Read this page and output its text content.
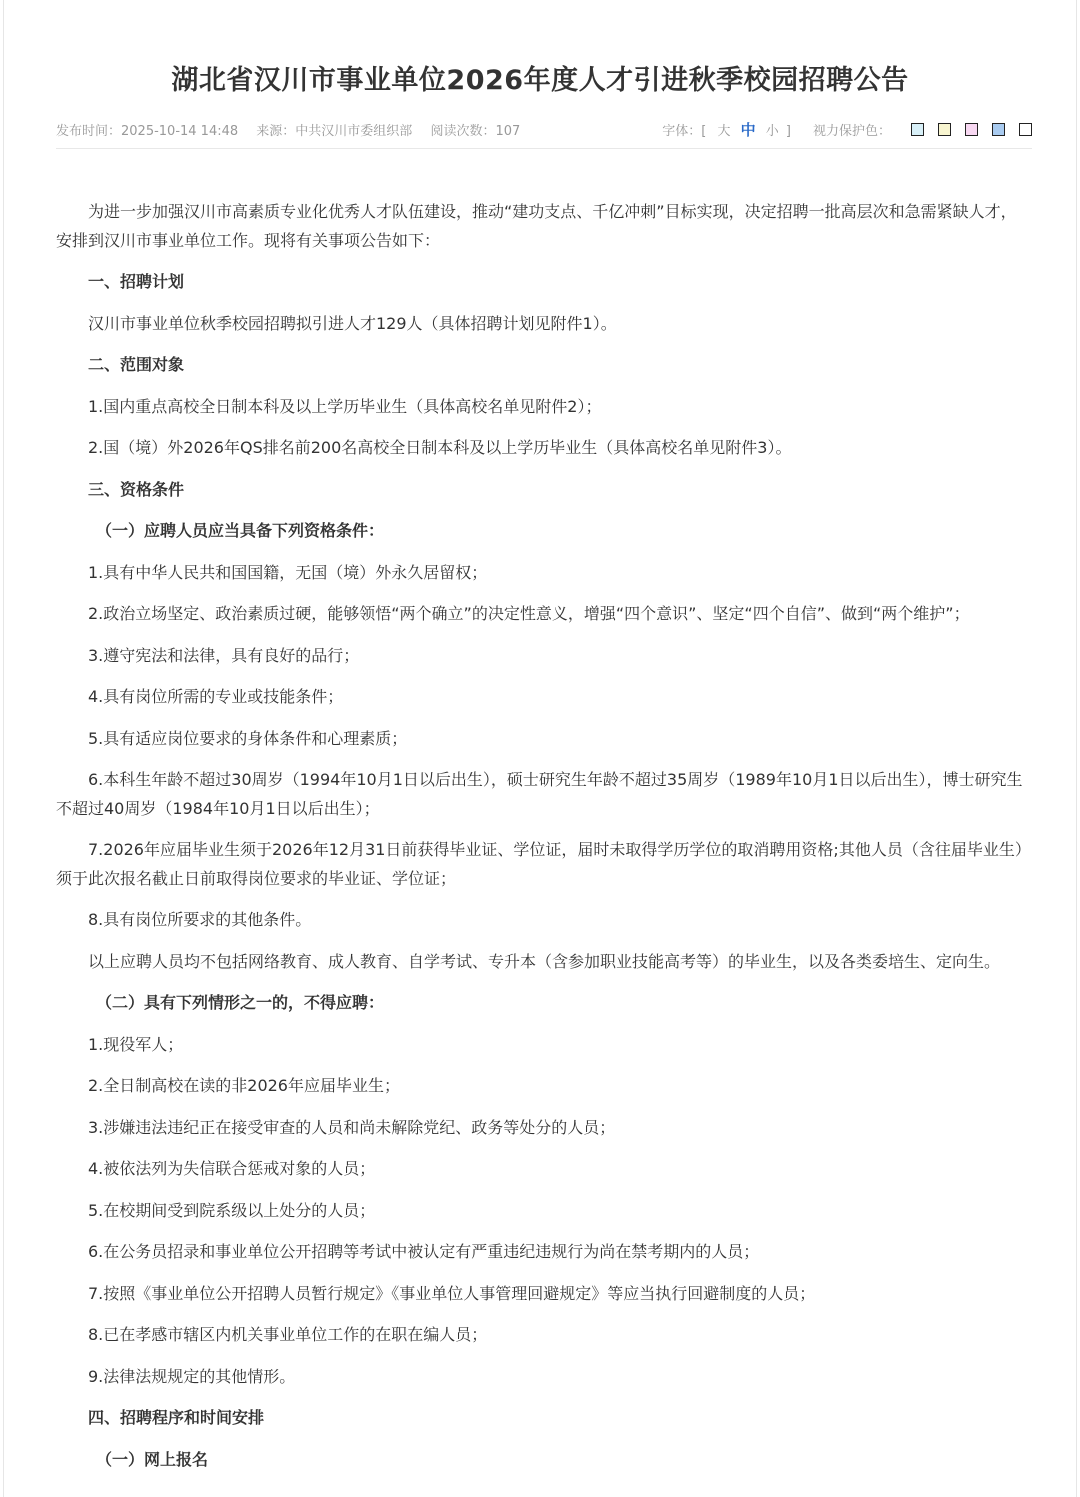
湖北省汉川市事业单位2026年度人才引进秋季校园招聘公告
发布时间：2025-10-14 14:48 来源：中共汉川市委组织部 阅读次数：107	字体：[ 大 中 小 ] 视力保护色：

为进一步加强汉川市高素质专业化优秀人才队伍建设，推动“建功支点、千亿冲刺”目标实现，决定招聘一批高层次和急需紧缺人才，安排到汉川市事业单位工作。现将有关事项公告如下：

一、招聘计划

汉川市事业单位秋季校园招聘拟引进人才129人（具体招聘计划见附件1）。

二、范围对象

1.国内重点高校全日制本科及以上学历毕业生（具体高校名单见附件2）；

2.国（境）外2026年QS排名前200名高校全日制本科及以上学历毕业生（具体高校名单见附件3）。

三、资格条件

（一）应聘人员应当具备下列资格条件：

1.具有中华人民共和国国籍，无国（境）外永久居留权；

2.政治立场坚定、政治素质过硬，能够领悟“两个确立”的决定性意义，增强“四个意识”、坚定“四个自信”、做到“两个维护”；

3.遵守宪法和法律，具有良好的品行；

4.具有岗位所需的专业或技能条件；

5.具有适应岗位要求的身体条件和心理素质；

6.本科生年龄不超过30周岁（1994年10月1日以后出生），硕士研究生年龄不超过35周岁（1989年10月1日以后出生），博士研究生不超过40周岁（1984年10月1日以后出生）；

7.2026年应届毕业生须于2026年12月31日前获得毕业证、学位证，届时未取得学历学位的取消聘用资格;其他人员（含往届毕业生）须于此次报名截止日前取得岗位要求的毕业证、学位证；

8.具有岗位所要求的其他条件。

以上应聘人员均不包括网络教育、成人教育、自学考试、专升本（含参加职业技能高考等）的毕业生，以及各类委培生、定向生。

（二）具有下列情形之一的，不得应聘：

1.现役军人；

2.全日制高校在读的非2026年应届毕业生；

3.涉嫌违法违纪正在接受审查的人员和尚未解除党纪、政务等处分的人员；

4.被依法列为失信联合惩戒对象的人员；

5.在校期间受到院系级以上处分的人员；

6.在公务员招录和事业单位公开招聘等考试中被认定有严重违纪违规行为尚在禁考期内的人员；

7.按照《事业单位公开招聘人员暂行规定》《事业单位人事管理回避规定》等应当执行回避制度的人员；

8.已在孝感市辖区内机关事业单位工作的在职在编人员；

9.法律法规规定的其他情形。

四、招聘程序和时间安排

（一）网上报名
